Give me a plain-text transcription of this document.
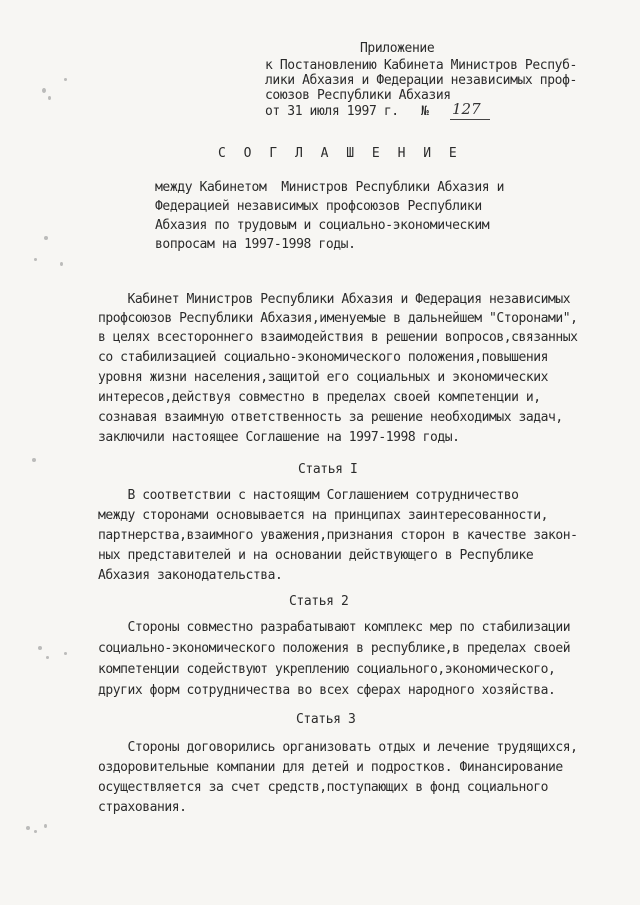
Приложение
к Постановлению Кабинета Министров Респуб-
лики Абхазия и Федерации независимых проф-
союзов Республики Абхазия
от 31 июля 1997 г.   № 127
С О Г Л А Ш Е Н И Е
между Кабинетом  Министров Республики Абхазия и
Федерацией независимых профсоюзов Республики
Абхазия по трудовым и социально-экономическим
вопросам на 1997-1998 годы.
Кабинет Министров Республики Абхазия и Федерация независимых
профсоюзов Республики Абхазия,именуемые в дальнейшем "Сторонами",
в целях всестороннего взаимодействия в решении вопросов,связанных
со стабилизацией социально-экономического положения,повышения
уровня жизни населения,защитой его социальных и экономических
интересов,действуя совместно в пределах своей компетенции и,
сознавая взаимную ответственность за решение необходимых задач,
заключили настоящее Соглашение на 1997-1998 годы.
Статья I
В соответствии с настоящим Соглашением сотрудничество
между сторонами основывается на принципах заинтересованности,
партнерства,взаимного уважения,признания сторон в качестве закон-
ных представителей и на основании действующего в Республике
Абхазия законодательства.
Статья 2
Стороны совместно разрабатывают комплекс мер по стабилизации
социально-экономического положения в республике,в пределах своей
компетенции содействуют укреплению социального,экономического,
других форм сотрудничества во всех сферах народного хозяйства.
Статья 3
Стороны договорились организовать отдых и лечение трудящихся,
оздоровительные компании для детей и подростков. Финансирование
осуществляется за счет средств,поступающих в фонд социального
страхования.
